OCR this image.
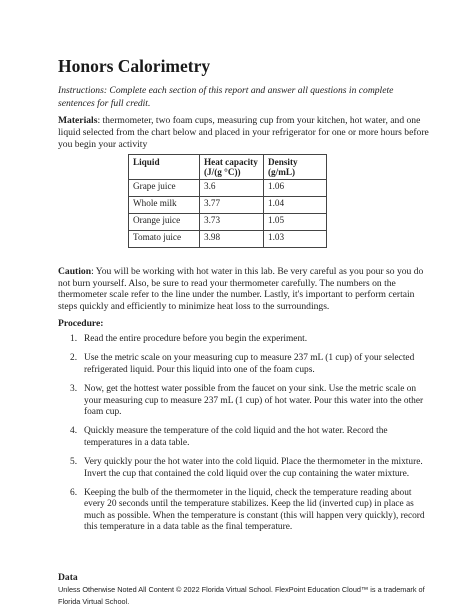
Honors Calorimetry
Instructions: Complete each section of this report and answer all questions in complete sentences for full credit.
Materials: thermometer, two foam cups, measuring cup from your kitchen, hot water, and one liquid selected from the chart below and placed in your refrigerator for one or more hours before you begin your activity
Liquid	Heat capacity (J/(g °C))	Density (g/mL)
Grape juice	3.6	1.06
Whole milk	3.77	1.04
Orange juice	3.73	1.05
Tomato juice	3.98	1.03
Caution: You will be working with hot water in this lab. Be very careful as you pour so you do not burn yourself. Also, be sure to read your thermometer carefully. The numbers on the thermometer scale refer to the line under the number. Lastly, it's important to perform certain steps quickly and efficiently to minimize heat loss to the surroundings.
Procedure:
1. Read the entire procedure before you begin the experiment.
2. Use the metric scale on your measuring cup to measure 237 mL (1 cup) of your selected refrigerated liquid. Pour this liquid into one of the foam cups.
3. Now, get the hottest water possible from the faucet on your sink. Use the metric scale on your measuring cup to measure 237 mL (1 cup) of hot water. Pour this water into the other foam cup.
4. Quickly measure the temperature of the cold liquid and the hot water. Record the temperatures in a data table.
5. Very quickly pour the hot water into the cold liquid. Place the thermometer in the mixture. Invert the cup that contained the cold liquid over the cup containing the water mixture.
6. Keeping the bulb of the thermometer in the liquid, check the temperature reading about every 20 seconds until the temperature stabilizes. Keep the lid (inverted cup) in place as much as possible. When the temperature is constant (this will happen very quickly), record this temperature in a data table as the final temperature.
Data
Unless Otherwise Noted All Content © 2022 Florida Virtual School. FlexPoint Education Cloud™ is a trademark of Florida Virtual School.
